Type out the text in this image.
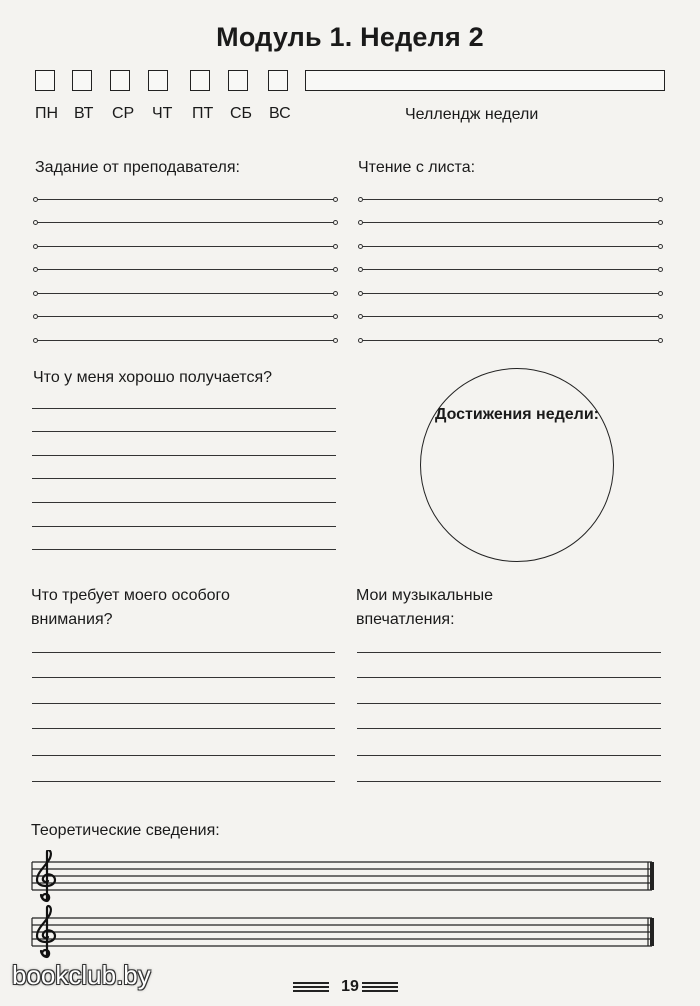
Модуль 1. Неделя 2
ПН ВТ СР ЧТ ПТ СБ ВС	Челлендж недели
Задание от преподавателя:	Чтение с листа:
Что у меня хорошо получается?
Достижения недели:
Что требует моего особого
внимания?
Мои музыкальные
впечатления:
Теоретические сведения:
19
bookclub.by
